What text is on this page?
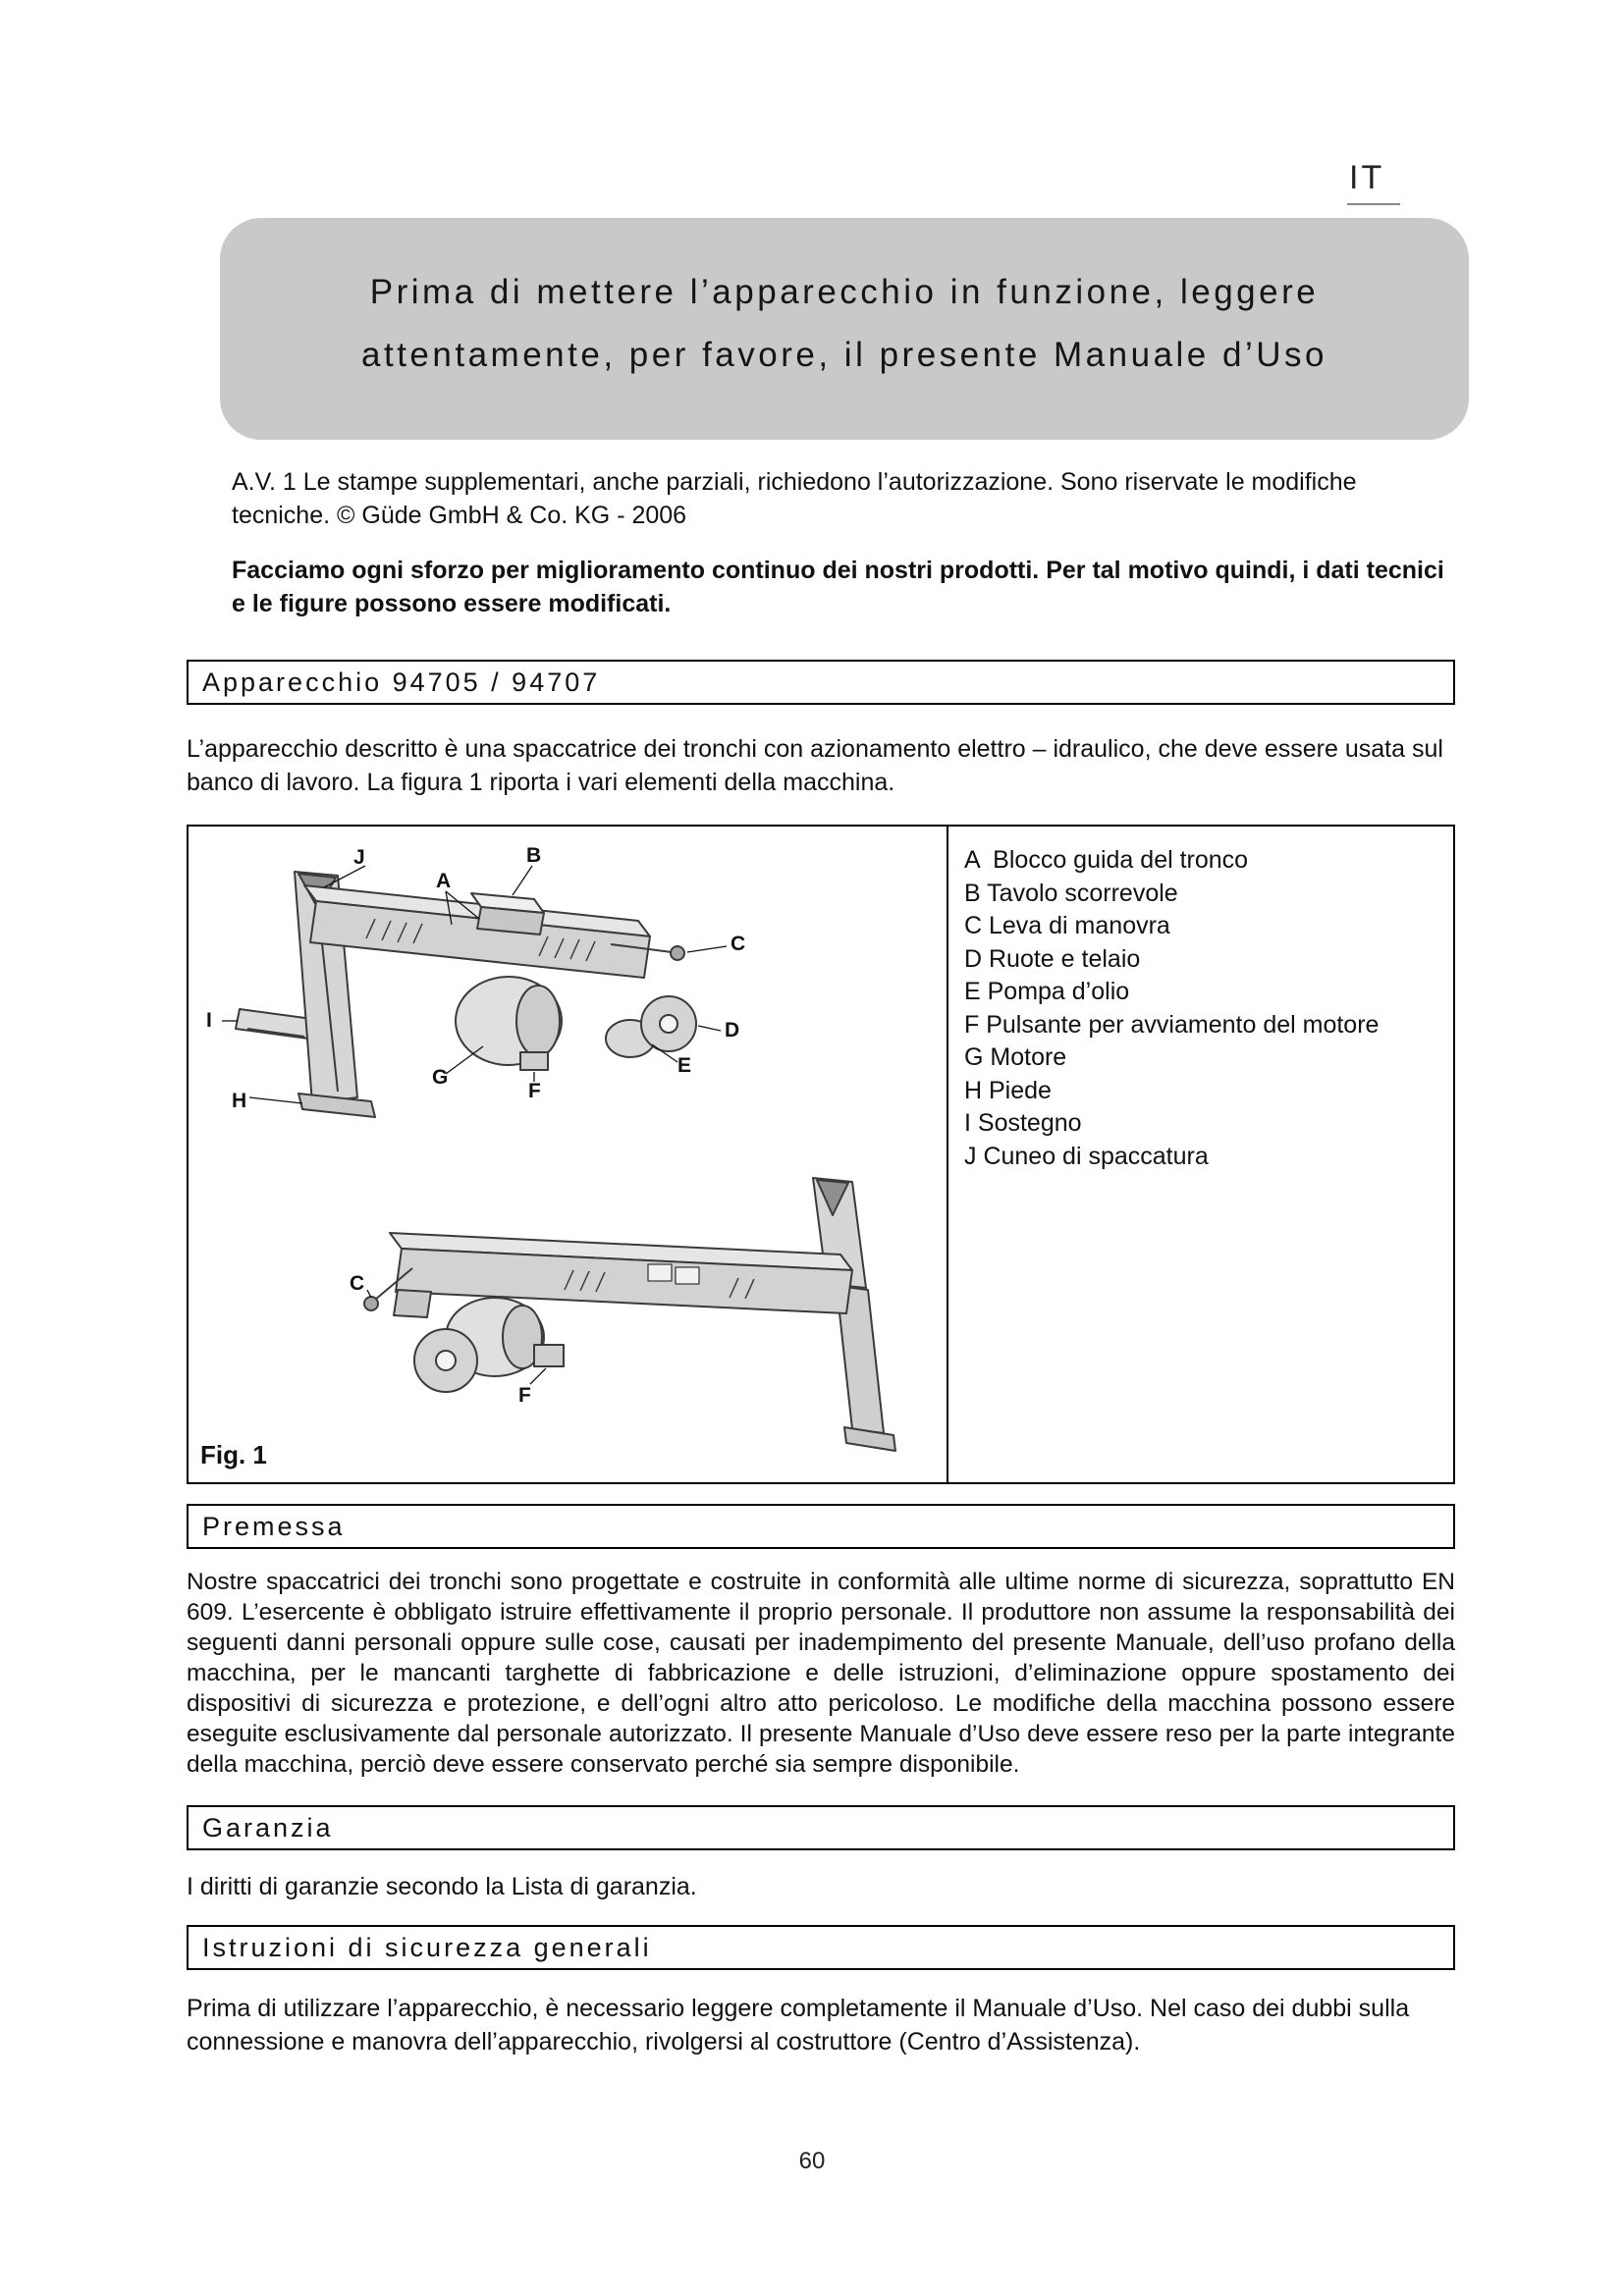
IT
Prima di mettere l’apparecchio in funzione, leggere
attentamente, per favore, il presente Manuale d’Uso

A.V. 1 Le stampe supplementari, anche parziali, richiedono l’autorizzazione. Sono riservate le modifiche tecniche. © Güde GmbH & Co. KG - 2006

Facciamo ogni sforzo per miglioramento continuo dei nostri prodotti. Per tal motivo quindi, i dati tecnici e le figure possono essere modificati.

Apparecchio 94705 / 94707

L’apparecchio descritto è una spaccatrice dei tronchi con azionamento elettro – idraulico, che deve essere usata sul banco di lavoro. La figura 1 riporta i vari elementi della macchina.

J
A
B
C
I	D
E
G
F
H
C
F
Fig. 1
A  Blocco guida del tronco
B Tavolo scorrevole
C Leva di manovra
D Ruote e telaio
E Pompa d’olio
F Pulsante per avviamento del motore
G Motore
H Piede
I Sostegno
J Cuneo di spaccatura
Premessa

Nostre spaccatrici dei tronchi sono progettate e costruite in conformità alle ultime norme di sicurezza, soprattutto EN 609. L’esercente è obbligato istruire effettivamente il proprio personale. Il produttore non assume la responsabilità dei seguenti danni personali oppure sulle cose, causati per inadempimento del presente Manuale, dell’uso profano della macchina, per le mancanti targhette di fabbricazione e delle istruzioni, d’eliminazione oppure spostamento dei dispositivi di sicurezza e protezione, e dell’ogni altro atto pericoloso. Le modifiche della macchina possono essere eseguite esclusivamente dal personale autorizzato. Il presente Manuale d’Uso deve essere reso per la parte integrante della macchina, perciò deve essere conservato perché sia sempre disponibile.

Garanzia

I diritti di garanzie secondo la Lista di garanzia.

Istruzioni di sicurezza generali

Prima di utilizzare l’apparecchio, è necessario leggere completamente il Manuale d’Uso. Nel caso dei dubbi sulla connessione e manovra dell’apparecchio, rivolgersi al costruttore (Centro d’Assistenza).

60
